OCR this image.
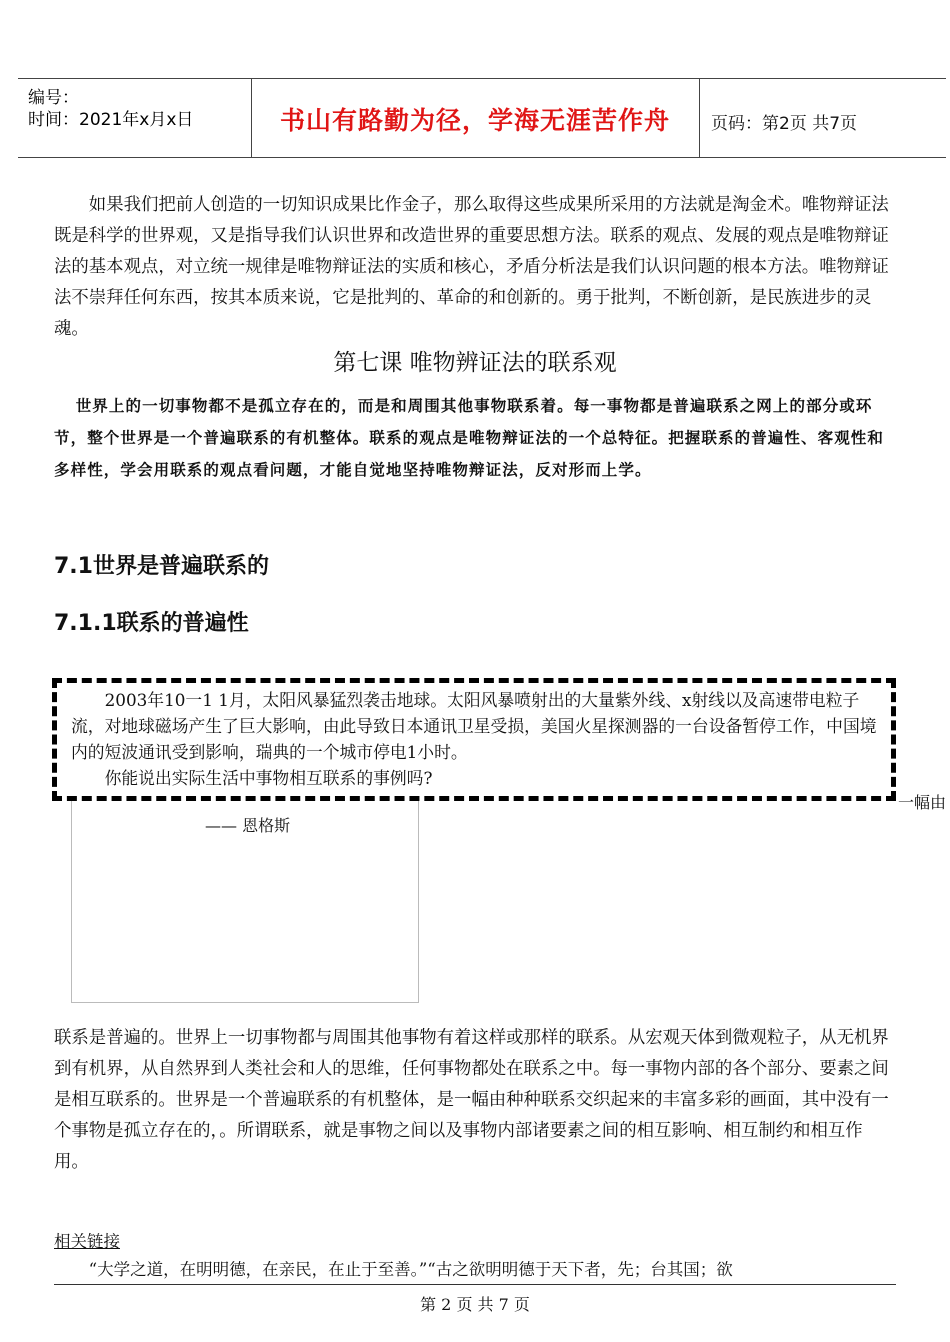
编号：
时间：2021年x月x日	书山有路勤为径，学海无涯苦作舟	页码：第2页 共7页

如果我们把前人创造的一切知识成果比作金子，那么取得这些成果所采用的方法就是淘金术。唯物辩证法既是科学的世界观，又是指导我们认识世界和改造世界的重要思想方法。联系的观点、发展的观点是唯物辩证法的基本观点，对立统一规律是唯物辩证法的实质和核心，矛盾分析法是我们认识问题的根本方法。唯物辩证法不崇拜任何东西，按其本质来说，它是批判的、革命的和创新的。勇于批判，不断创新，是民族进步的灵魂。

第七课 唯物辨证法的联系观

世界上的一切事物都不是孤立存在的，而是和周围其他事物联系着。每一事物都是普遍联系之网上的部分或环节，整个世界是一个普遍联系的有机整体。联系的观点是唯物辩证法的一个总特征。把握联系的普遍性、客观性和多样性，学会用联系的观点看问题，才能自觉地坚持唯物辩证法，反对形而上学。

7.1世界是普遍联系的
7.1.1联系的普遍性
—— 恩格斯

2003年10一1 1月，太阳风暴猛烈袭击地球。太阳风暴喷射出的大量紫外线、x射线以及高速带电粒子流，对地球磁场产生了巨大影响，由此导致日本通讯卫星受损，美国火星探测器的一台设备暂停工作，中国境内的短波通讯受到影响，瑞典的一个城市停电1小时。

你能说出实际生活中事物相互联系的事例吗?

一幅由

联系是普遍的。世界上一切事物都与周围其他事物有着这样或那样的联系。从宏观天体到微观粒子，从无机界到有机界，从自然界到人类社会和人的思维，任何事物都处在联系之中。每一事物内部的各个部分、要素之间是相互联系的。世界是一个普遍联系的有机整体，是一幅由种种联系交织起来的丰富多彩的画面，其中没有一个事物是孤立存在的，。所谓联系，就是事物之间以及事物内部诸要素之间的相互影响、相互制约和相互作用。

相关链接

“大学之道，在明明德，在亲民，在止于至善。”“古之欲明明德于天下者，先；台其国；欲

第 2 页 共 7 页
